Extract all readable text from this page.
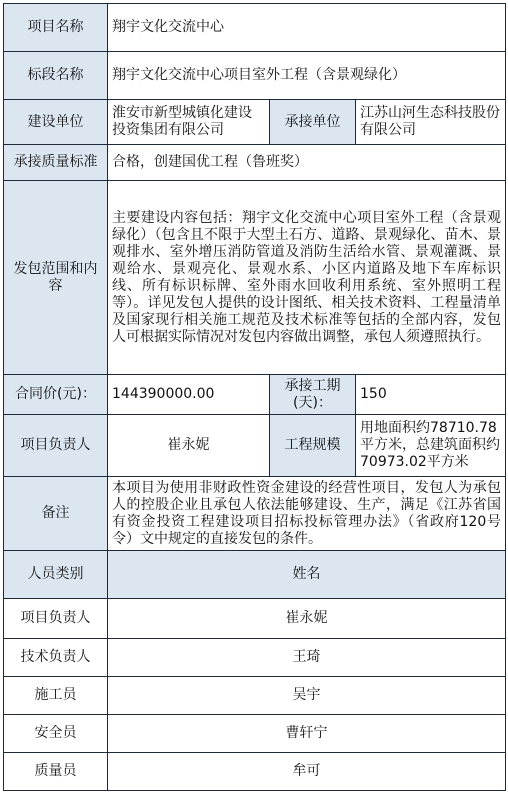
项目名称	翔宇文化交流中心		
标段名称	翔宇文化交流中心项目室外工程（含景观绿化）		
建设单位	淮安市新型城镇化建设投资集团有限公司	承接单位	江苏山河生态科技股份有限公司
承接质量标准	合格，创建国优工程（鲁班奖）		
发包范围和内容	主要建设内容包括：翔宇文化交流中心项目室外工程（含景观绿化）（包含且不限于大型土石方、道路、景观绿化、苗木、景观排水、室外增压消防管道及消防生活给水管、景观灌溉、景观给水、景观亮化、景观水系、小区内道路及地下车库标识线、所有标识标牌、室外雨水回收利用系统、室外照明工程等）。详见发包人提供的设计图纸、相关技术资料、工程量清单及国家现行相关施工规范及技术标准等包括的全部内容，发包人可根据实际情况对发包内容做出调整，承包人须遵照执行。		
合同价(元)：	144390000.00	承接工期(天)：	150
项目负责人	崔永妮	工程规模	用地面积约78710.78平方米，总建筑面积约70973.02平方米
备注	本项目为使用非财政性资金建设的经营性项目，发包人为承包人的控股企业且承包人依法能够建设、生产，满足《江苏省国有资金投资工程建设项目招标投标管理办法》（省政府120号令）文中规定的直接发包的条件。		
人员类别	姓名		
项目负责人	崔永妮		
技术负责人	王琦		
施工员	吴宇		
安全员	曹轩宁		
质量员	牟可		
